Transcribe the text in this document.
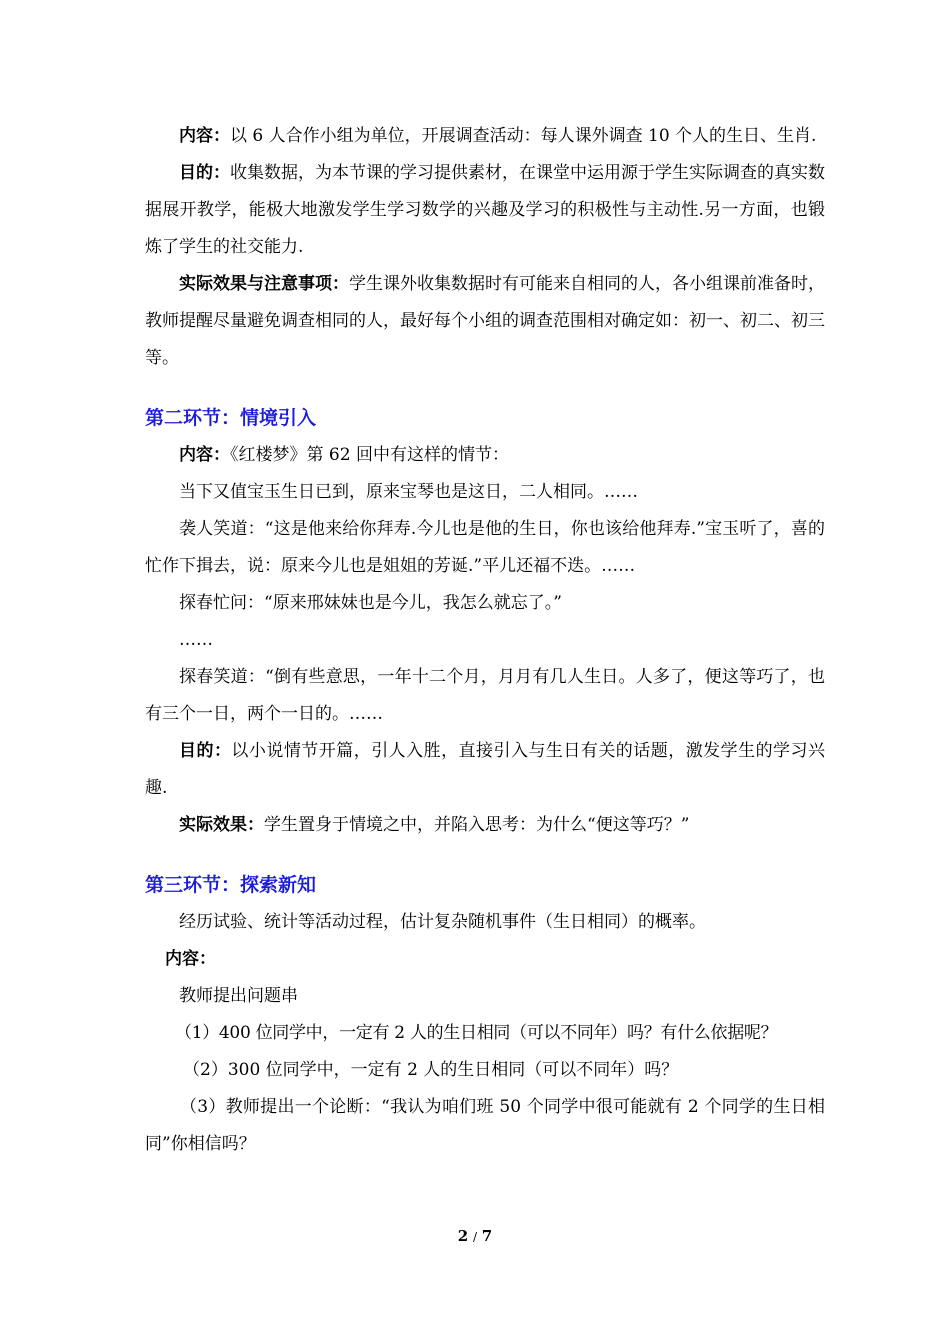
内容：以 6 人合作小组为单位，开展调查活动：每人课外调查 10 个人的生日、生肖.

目的：收集数据，为本节课的学习提供素材，在课堂中运用源于学生实际调查的真实数据展开教学，能极大地激发学生学习数学的兴趣及学习的积极性与主动性.另一方面，也锻炼了学生的社交能力.

实际效果与注意事项：学生课外收集数据时有可能来自相同的人，各小组课前准备时，教师提醒尽量避免调查相同的人，最好每个小组的调查范围相对确定如：初一、初二、初三等。

第二环节：情境引入

内容：《红楼梦》第 62 回中有这样的情节：

当下又值宝玉生日已到，原来宝琴也是这日，二人相同。……

袭人笑道：“这是他来给你拜寿.今儿也是他的生日，你也该给他拜寿.”宝玉听了，喜的忙作下揖去，说：原来今儿也是姐姐的芳诞.”平儿还福不迭。……

探春忙问：“原来邢妹妹也是今儿，我怎么就忘了。”

……

探春笑道：“倒有些意思，一年十二个月，月月有几人生日。人多了，便这等巧了，也有三个一日，两个一日的。……

目的：以小说情节开篇，引人入胜，直接引入与生日有关的话题，激发学生的学习兴趣.

实际效果：学生置身于情境之中，并陷入思考：为什么“便这等巧？”

第三环节：探索新知

经历试验、统计等活动过程，估计复杂随机事件（生日相同）的概率。

内容：

教师提出问题串

（1）400 位同学中，一定有 2 人的生日相同（可以不同年）吗？有什么依据呢？

（2）300 位同学中，一定有 2 人的生日相同（可以不同年）吗？

（3）教师提出一个论断：“我认为咱们班 50 个同学中很可能就有 2 个同学的生日相同”你相信吗？

2 / 7
